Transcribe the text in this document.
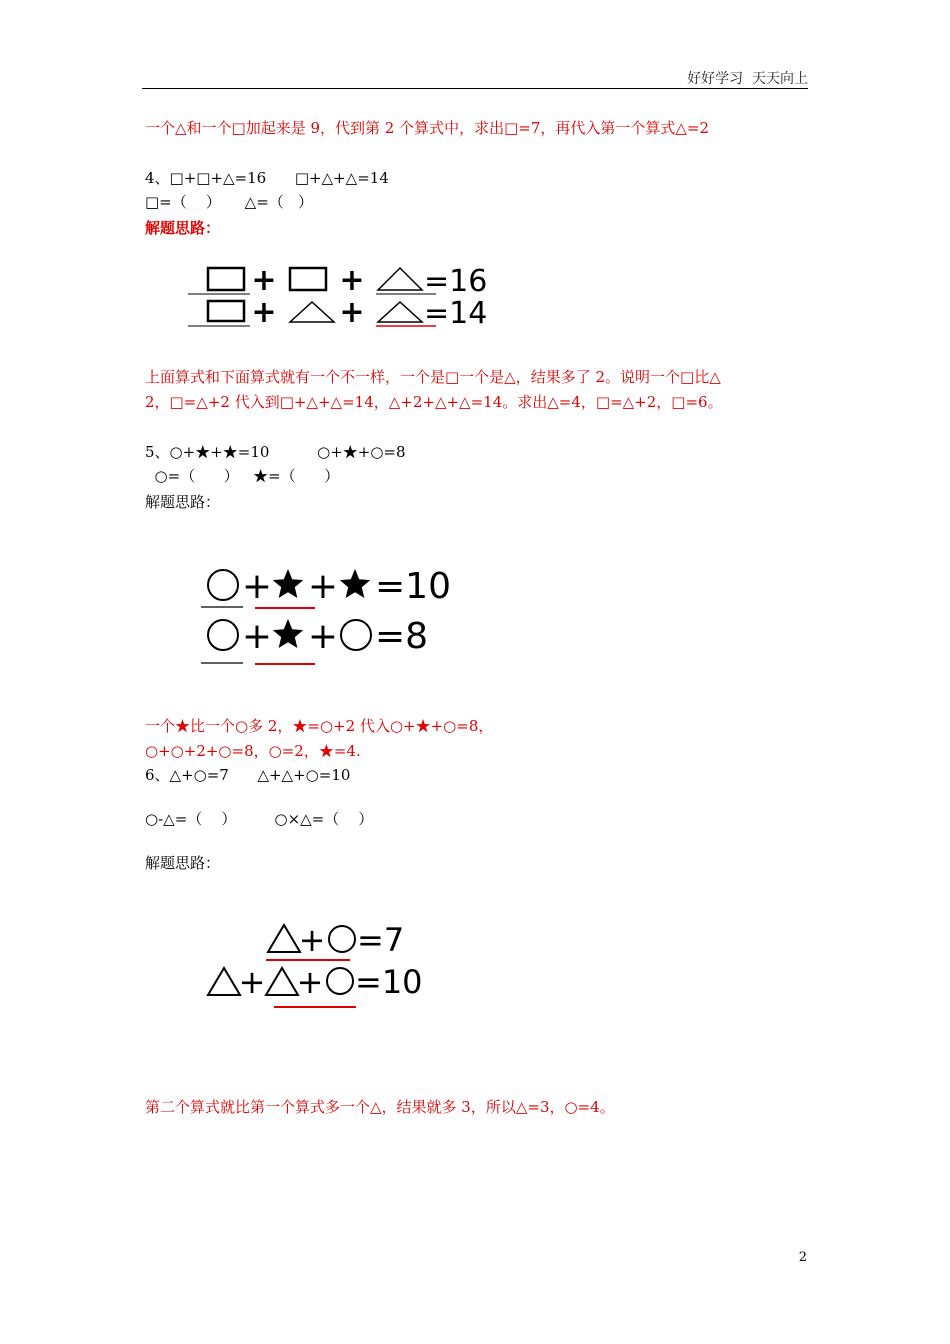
好好学习  天天向上
一个△和一个□加起来是 9，代到第 2 个算式中，求出□=7，再代入第一个算式△=2
4、□+□+△=16      □+△+△=14
□=（    ）     △=（   ）
解题思路：
+ + =16
+ + =14
上面算式和下面算式就有一个不一样，一个是□一个是△，结果多了 2。说明一个□比△
2，□=△+2 代入到□+△+△=14，△+2+△+△=14。求出△=4，□=△+2，□=6。
5、○+★+★=10          ○+★+○=8
○=（      ）   ★=（      ）
解题思路：
+ + =10
+ + =8
一个★比一个○多 2，★=○+2 代入○+★+○=8，
○+○+2+○=8，○=2，★=4.
6、△+○=7      △+△+○=10
○-△=（    ）        ○×△=（    ）
解题思路：
+ =7
+ + =10
第二个算式就比第一个算式多一个△，结果就多 3，所以△=3，○=4。
2
